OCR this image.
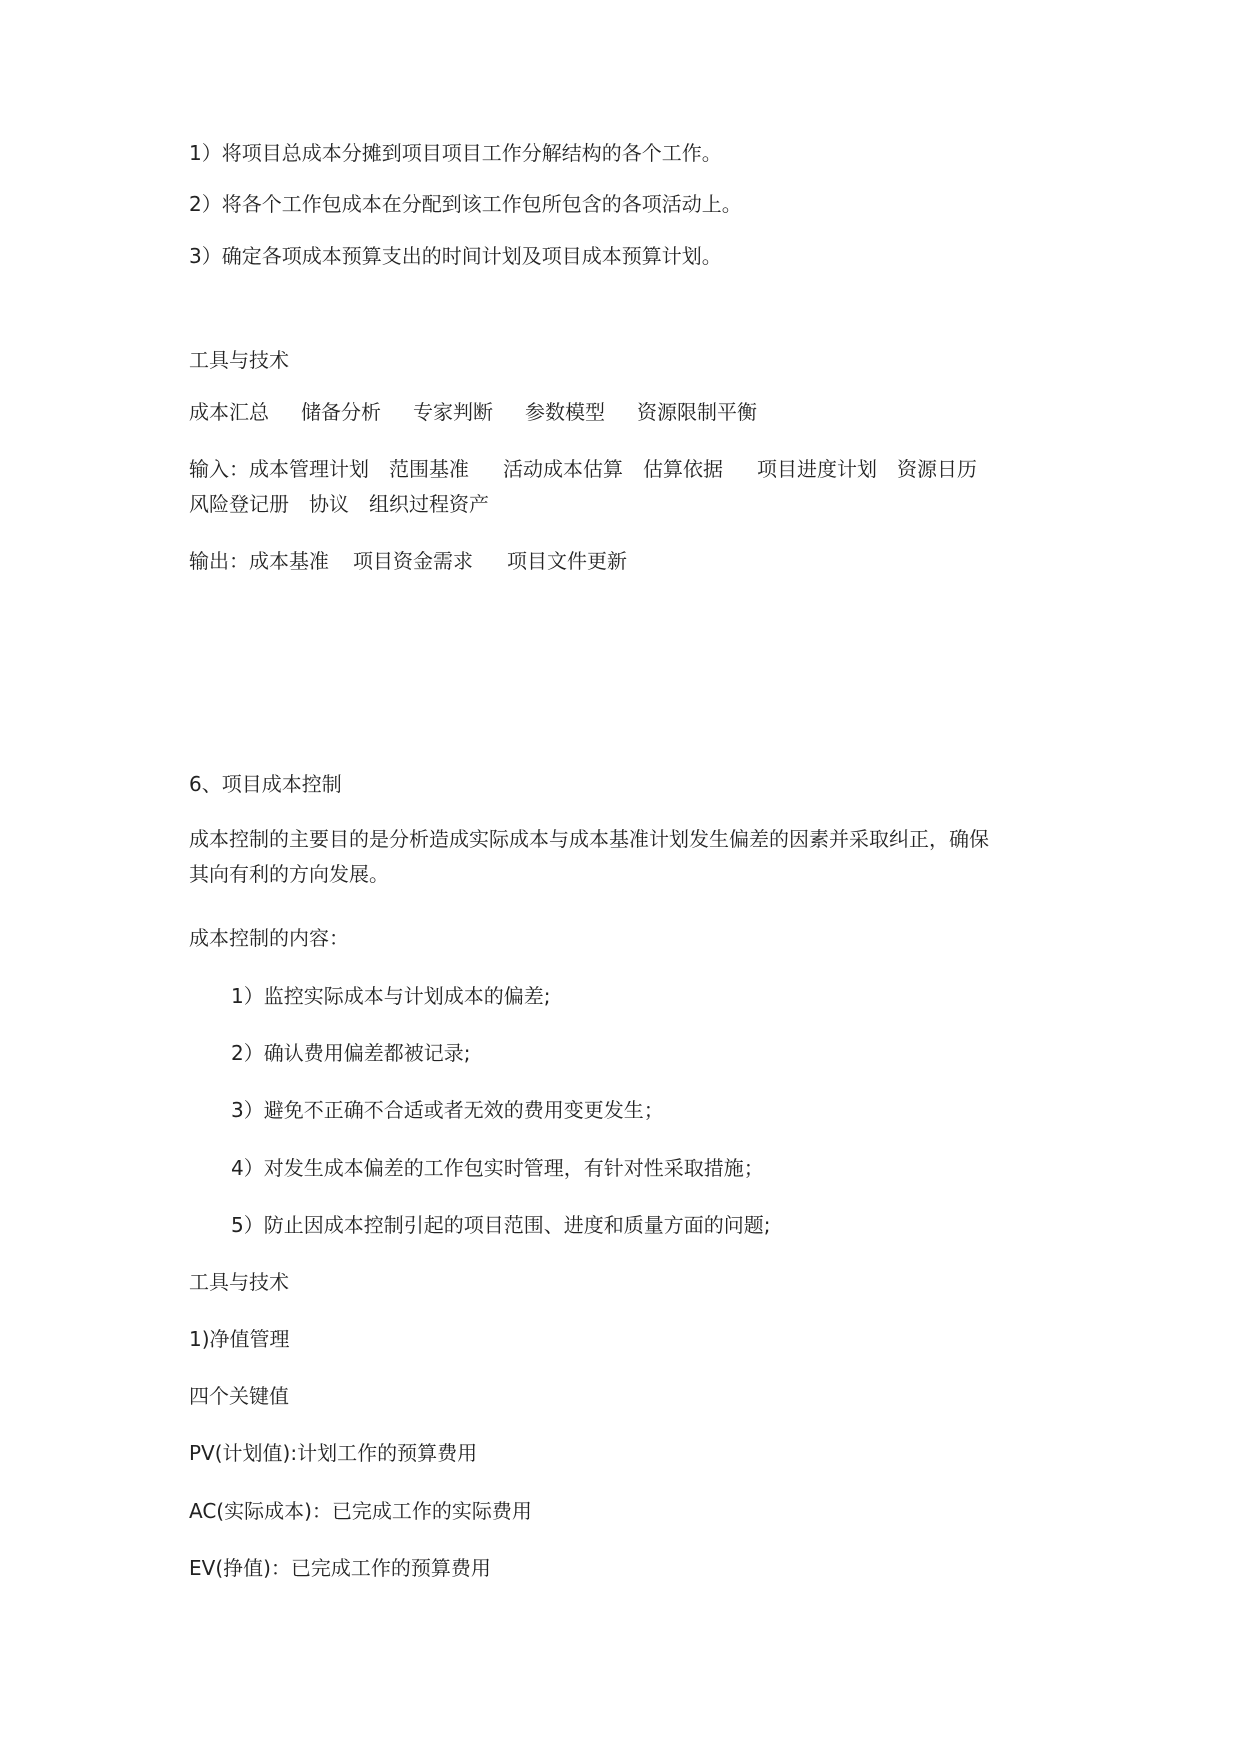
1）将项目总成本分摊到项目项目工作分解结构的各个工作。

2）将各个工作包成本在分配到该工作包所包含的各项活动上。

3）确定各项成本预算支出的时间计划及项目成本预算计划。

工具与技术

成本汇总 储备分析 专家判断 参数模型 资源限制平衡

输入：成本管理计划 范围基准 活动成本估算 估算依据 项目进度计划 资源日历

风险登记册 协议 组织过程资产

输出：成本基准 项目资金需求 项目文件更新

6、项目成本控制

成本控制的主要目的是分析造成实际成本与成本基准计划发生偏差的因素并采取纠正，确保

其向有利的方向发展。

成本控制的内容：

1）监控实际成本与计划成本的偏差;

2）确认费用偏差都被记录;

3）避免不正确不合适或者无效的费用变更发生；

4）对发生成本偏差的工作包实时管理，有针对性采取措施；

5）防止因成本控制引起的项目范围、进度和质量方面的问题;

工具与技术

1)净值管理

四个关键值

PV(计划值):计划工作的预算费用

AC(实际成本)：已完成工作的实际费用

EV(挣值)：已完成工作的预算费用
